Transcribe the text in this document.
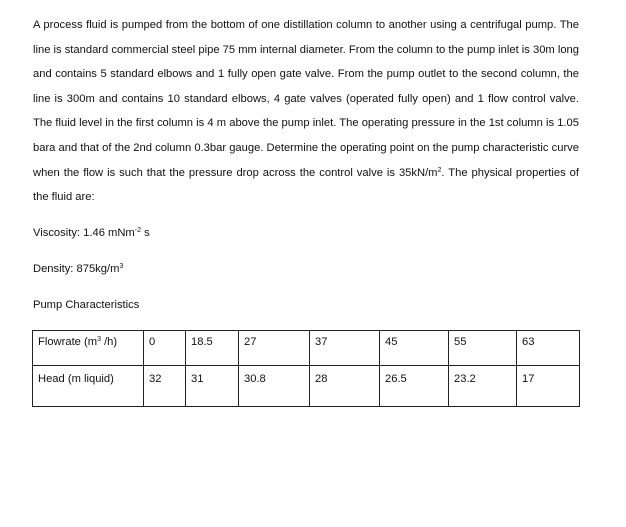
A process fluid is pumped from the bottom of one distillation column to another using a centrifugal pump. The line is standard commercial steel pipe 75 mm internal diameter. From the column to the pump inlet is 30m long and contains 5 standard elbows and 1 fully open gate valve. From the pump outlet to the second column, the line is 300m and contains 10 standard elbows, 4 gate valves (operated fully open) and 1 flow control valve. The fluid level in the first column is 4 m above the pump inlet. The operating pressure in the 1st column is 1.05 bara and that of the 2nd column 0.3bar gauge. Determine the operating point on the pump characteristic curve when the flow is such that the pressure drop across the control valve is $35kN/m^2$. The physical properties of the fluid are:

Viscosity: 1.46 mNm$^{-2}$ s

Density: $875kg/m^3$

Pump Characteristics

Flowrate ($m^3$ /h)	0	18.5	27	37	45	55	63
Head (m liquid)	32	31	30.8	28	26.5	23.2	17
